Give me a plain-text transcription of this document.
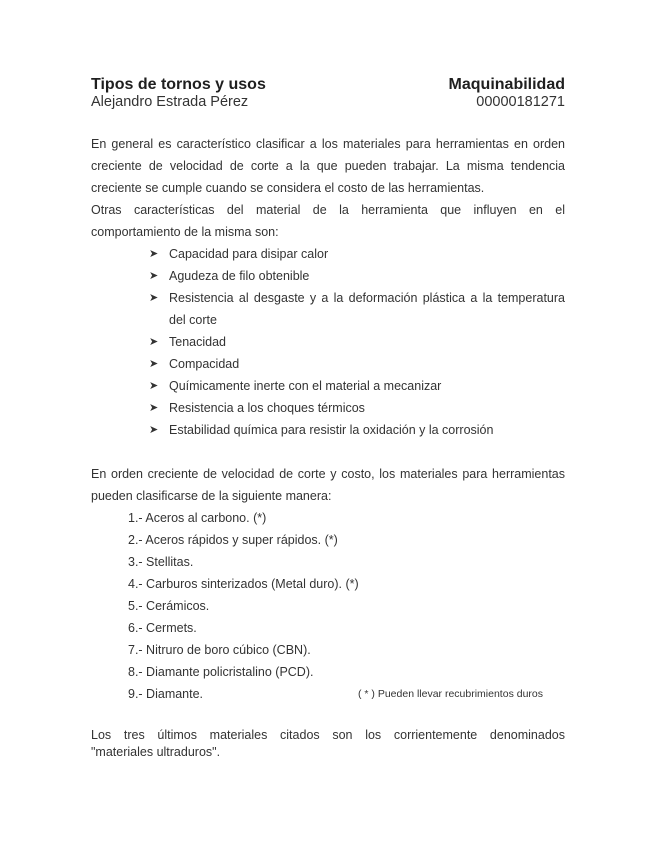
Tipos de tornos y usos	Maquinabilidad
Alejandro Estrada Pérez	00000181271

En general es característico clasificar a los materiales para herramientas en orden
creciente de velocidad de corte a la que pueden trabajar. La misma tendencia
creciente se cumple cuando se considera el costo de las herramientas.

Otras características del material de la herramienta que influyen en el
comportamiento de la misma son:

➤ Capacidad para disipar calor
➤ Agudeza de filo obtenible
➤ Resistencia al desgaste y a la deformación plástica a la temperatura
del corte
➤ Tenacidad
➤ Compacidad
➤ Químicamente inerte con el material a mecanizar
➤ Resistencia a los choques térmicos
➤ Estabilidad química para resistir la oxidación y la corrosión

En orden creciente de velocidad de corte y costo, los materiales para herramientas
pueden clasificarse de la siguiente manera:

1.- Aceros al carbono. (*)
2.- Aceros rápidos y super rápidos. (*)
3.- Stellitas.
4.- Carburos sinterizados (Metal duro). (*)
5.- Cerámicos.
6.- Cermets.
7.- Nitruro de boro cúbico (CBN).
8.- Diamante policristalino (PCD).
9.- Diamante.	( * ) Pueden llevar recubrimientos duros

Los tres últimos materiales citados son los corrientemente denominados
"materiales ultraduros".
